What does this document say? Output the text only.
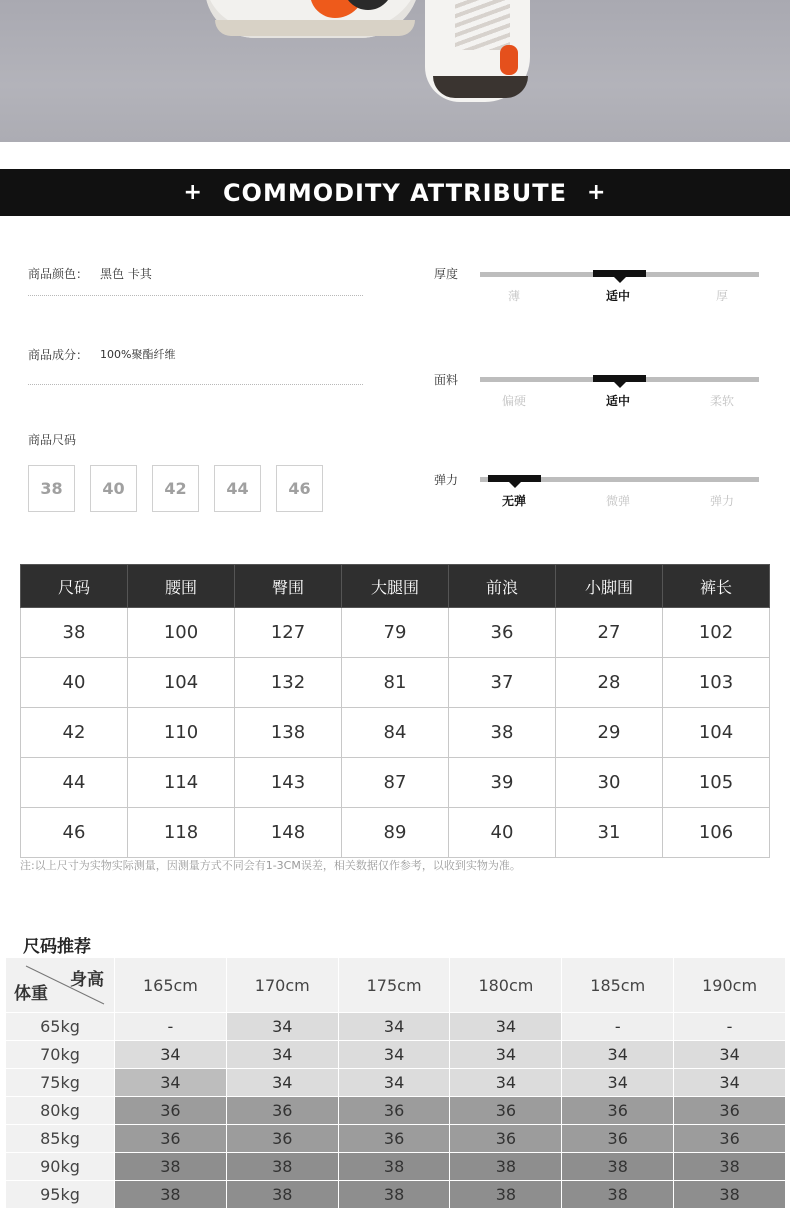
+ COMMODITY ATTRIBUTE +
商品颜色： 黑色 卡其
商品成分： 100%聚酯纤维
商品尺码
38	40	42	44	46
厚度
薄	适中	厚
面料
偏硬	适中	柔软
弹力
无弹	微弹	弹力
尺码	腰围	臀围	大腿围	前浪	小脚围	裤长
38	100	127	79	36	27	102
40	104	132	81	37	28	103
42	110	138	84	38	29	104
44	114	143	87	39	30	105
46	118	148	89	40	31	106
注:以上尺寸为实物实际测量，因测量方式不同会有1-3CM误差，相关数据仅作参考，以收到实物为准。
尺码推荐
身高
体重	165cm	170cm	175cm	180cm	185cm	190cm
65kg	-	34	34	34	-	-
70kg	34	34	34	34	34	34
75kg	34	34	34	34	34	34
80kg	36	36	36	36	36	36
85kg	36	36	36	36	36	36
90kg	38	38	38	38	38	38
95kg	38	38	38	38	38	38
